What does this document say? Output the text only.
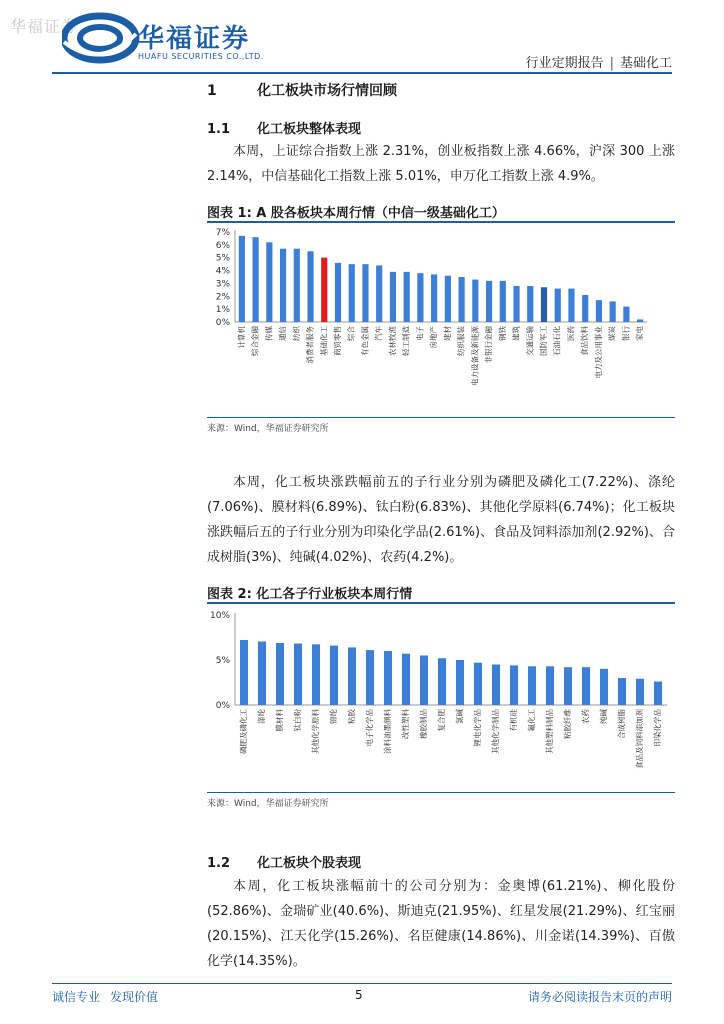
华福证券 华福证券
HUAFU SECURITIES CO.,LTD.	行业定期报告 | 基础化工
1	化工板块市场行情回顾
1.1 化工板块整体表现
本周，上证综合指数上涨 2.31%，创业板指数上涨 4.66%，沪深 300 上涨 2.14%，中信基础化工指数上涨 5.01%，申万化工指数上涨 4.9%。
图表 1: A 股各板块本周行情（中信一级基础化工）
0%
1%
2%
3%
4%
5%
6%
7%
计算机 综合金融 传媒 通信 纺织 消费者服务 基础化工 商贸零售 综合 有色金属 汽车 农林牧渔 轻工制造 电子 房地产 建材 纺织服装 电力设备及新能源 非银行金融 钢铁 建筑 交通运输 国防军工 石油石化 医药 食品饮料 电力及公用事业 煤炭 银行 家电
来源：Wind，华福证券研究所
本周，化工板块涨跌幅前五的子行业分别为磷肥及磷化工(7.22%)、涤纶(7.06%)、膜材料(6.89%)、钛白粉(6.83%)、其他化学原料(6.74%)；化工板块涨跌幅后五的子行业分别为印染化学品(2.61%)、食品及饲料添加剂(2.92%)、合成树脂(3%)、纯碱(4.02%)、农药(4.2%)。
图表 2: 化工各子行业板块本周行情
0%
5%
10%
磷肥及磷化工 涤纶 膜材料 钛白粉 其他化学原料 锦纶 粘胶 电子化学品 涂料油墨颜料 改性塑料 橡胶制品 复合肥 氯碱 锂电化学品 其他化学制品 有机硅 氟化工 其他塑料制品 粘胶纤维 农药 纯碱 合成树脂 食品及饲料添加剂 印染化学品
来源：Wind，华福证券研究所
1.2 化工板块个股表现
本周，化工板块涨幅前十的公司分别为：金奥博(61.21%)、柳化股份(52.86%)、金瑞矿业(40.6%)、斯迪克(21.95%)、红星发展(21.29%)、红宝丽(20.15%)、江天化学(15.26%)、名臣健康(14.86%)、川金诺(14.39%)、百傲化学(14.35%)。
诚信专业 发现价值	5	请务必阅读报告末页的声明
